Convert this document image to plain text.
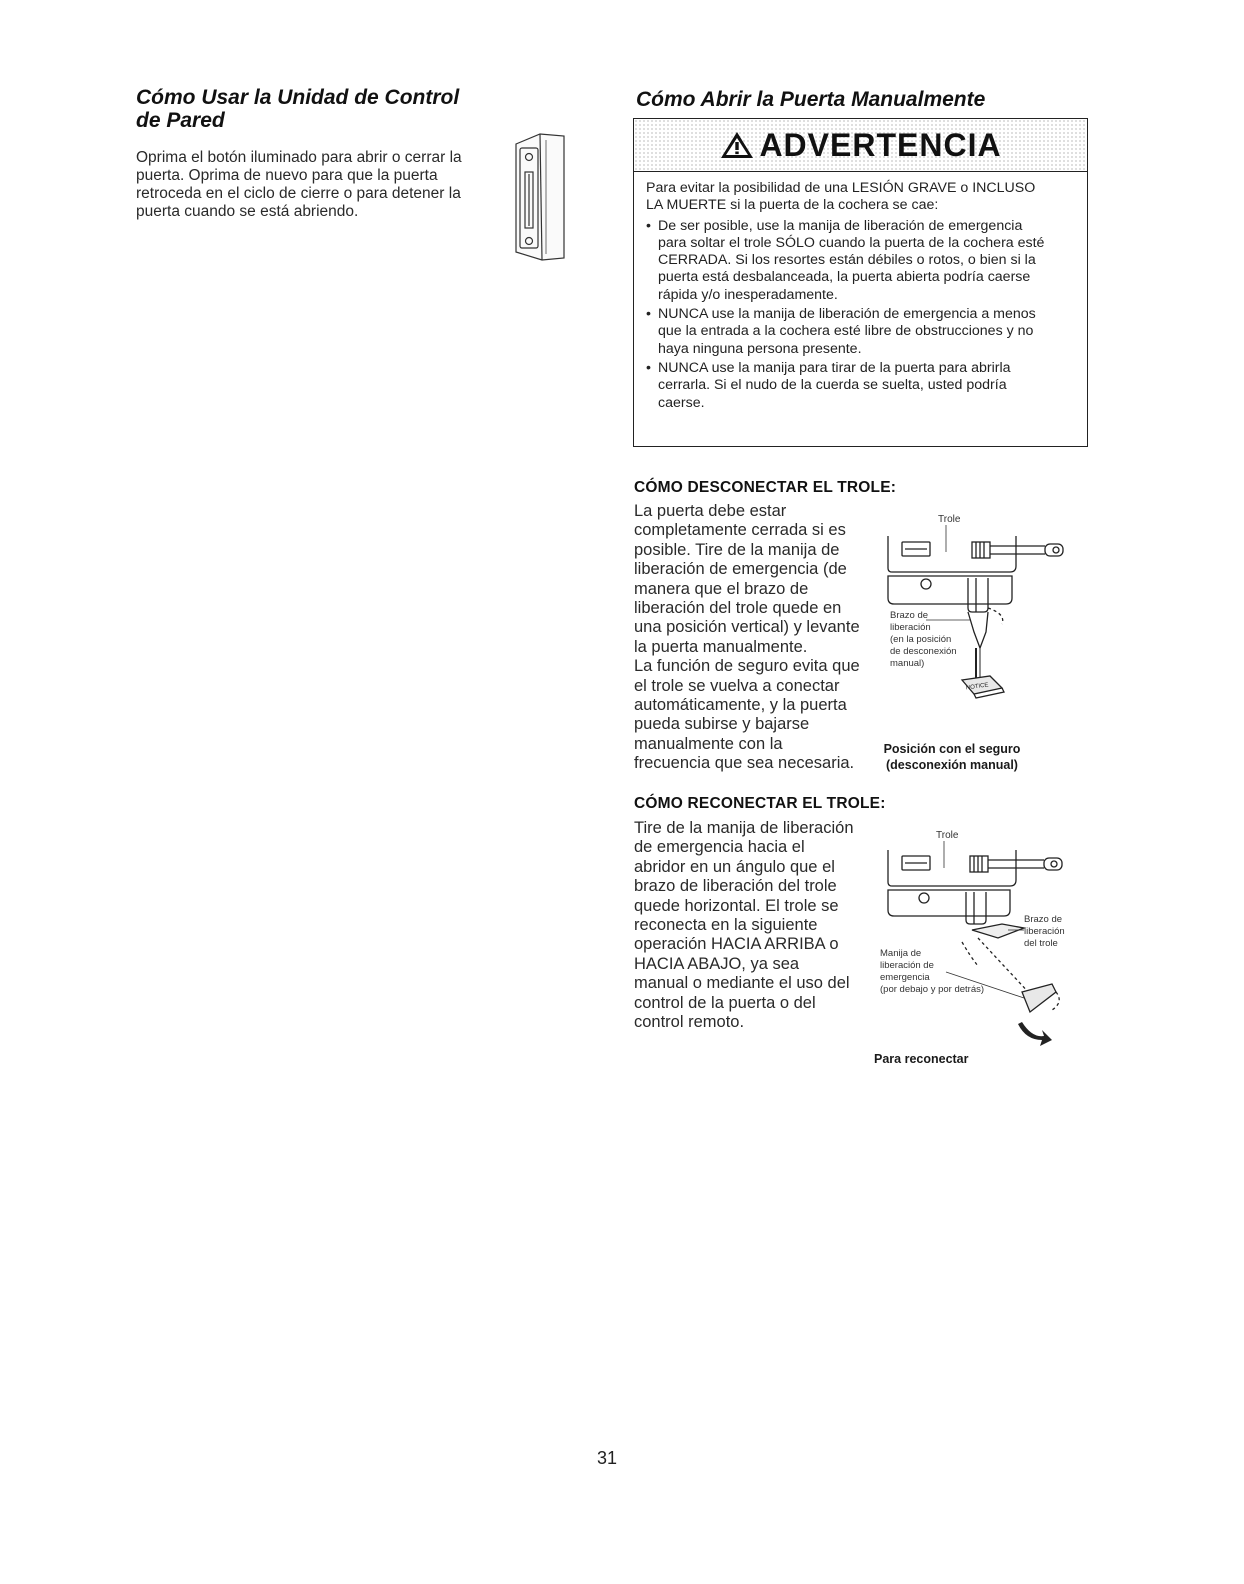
Cómo Usar la Unidad de Control
de Pared
Oprima el botón iluminado para abrir o cerrar la
puerta. Oprima de nuevo para que la puerta
retroceda en el ciclo de cierre o para detener la
puerta cuando se está abriendo.
Cómo Abrir la Puerta Manualmente
ADVERTENCIA

Para evitar la posibilidad de una LESIÓN GRAVE o INCLUSO
LA MUERTE si la puerta de la cochera se cae:

• De ser posible, use la manija de liberación de emergencia
para soltar el trole SÓLO cuando la puerta de la cochera esté
CERRADA. Si los resortes están débiles o rotos, o bien si la
puerta está desbalanceada, la puerta abierta podría caerse
rápida y/o inesperadamente.
• NUNCA use la manija de liberación de emergencia a menos
que la entrada a la cochera esté libre de obstrucciones y no
haya ninguna persona presente.
• NUNCA use la manija para tirar de la puerta para abrirla
cerrarla. Si el nudo de la cuerda se suelta, usted podría
caerse.
CÓMO DESCONECTAR EL TROLE:
La puerta debe estar
completamente cerrada si es
posible. Tire de la manija de
liberación de emergencia (de
manera que el brazo de
liberación del trole quede en
una posición vertical) y levante
la puerta manualmente.
La función de seguro evita que
el trole se vuelva a conectar
automáticamente, y la puerta
pueda subirse y bajarse
manualmente con la
frecuencia que sea necesaria.
Trole
NOTICE
Brazo de
liberación
(en la posición
de desconexión
manual)
Posición con el seguro
(desconexión manual)
CÓMO RECONECTAR EL TROLE:
Tire de la manija de liberación
de emergencia hacia el
abridor en un ángulo que el
brazo de liberación del trole
quede horizontal. El trole se
reconecta en la siguiente
operación HACIA ARRIBA o
HACIA ABAJO, ya sea
manual o mediante el uso del
control de la puerta o del
control remoto.
Trole
Brazo de
liberación
del trole
Manija de
liberación de
emergencia
(por debajo y por detrás)
Para reconectar
31
